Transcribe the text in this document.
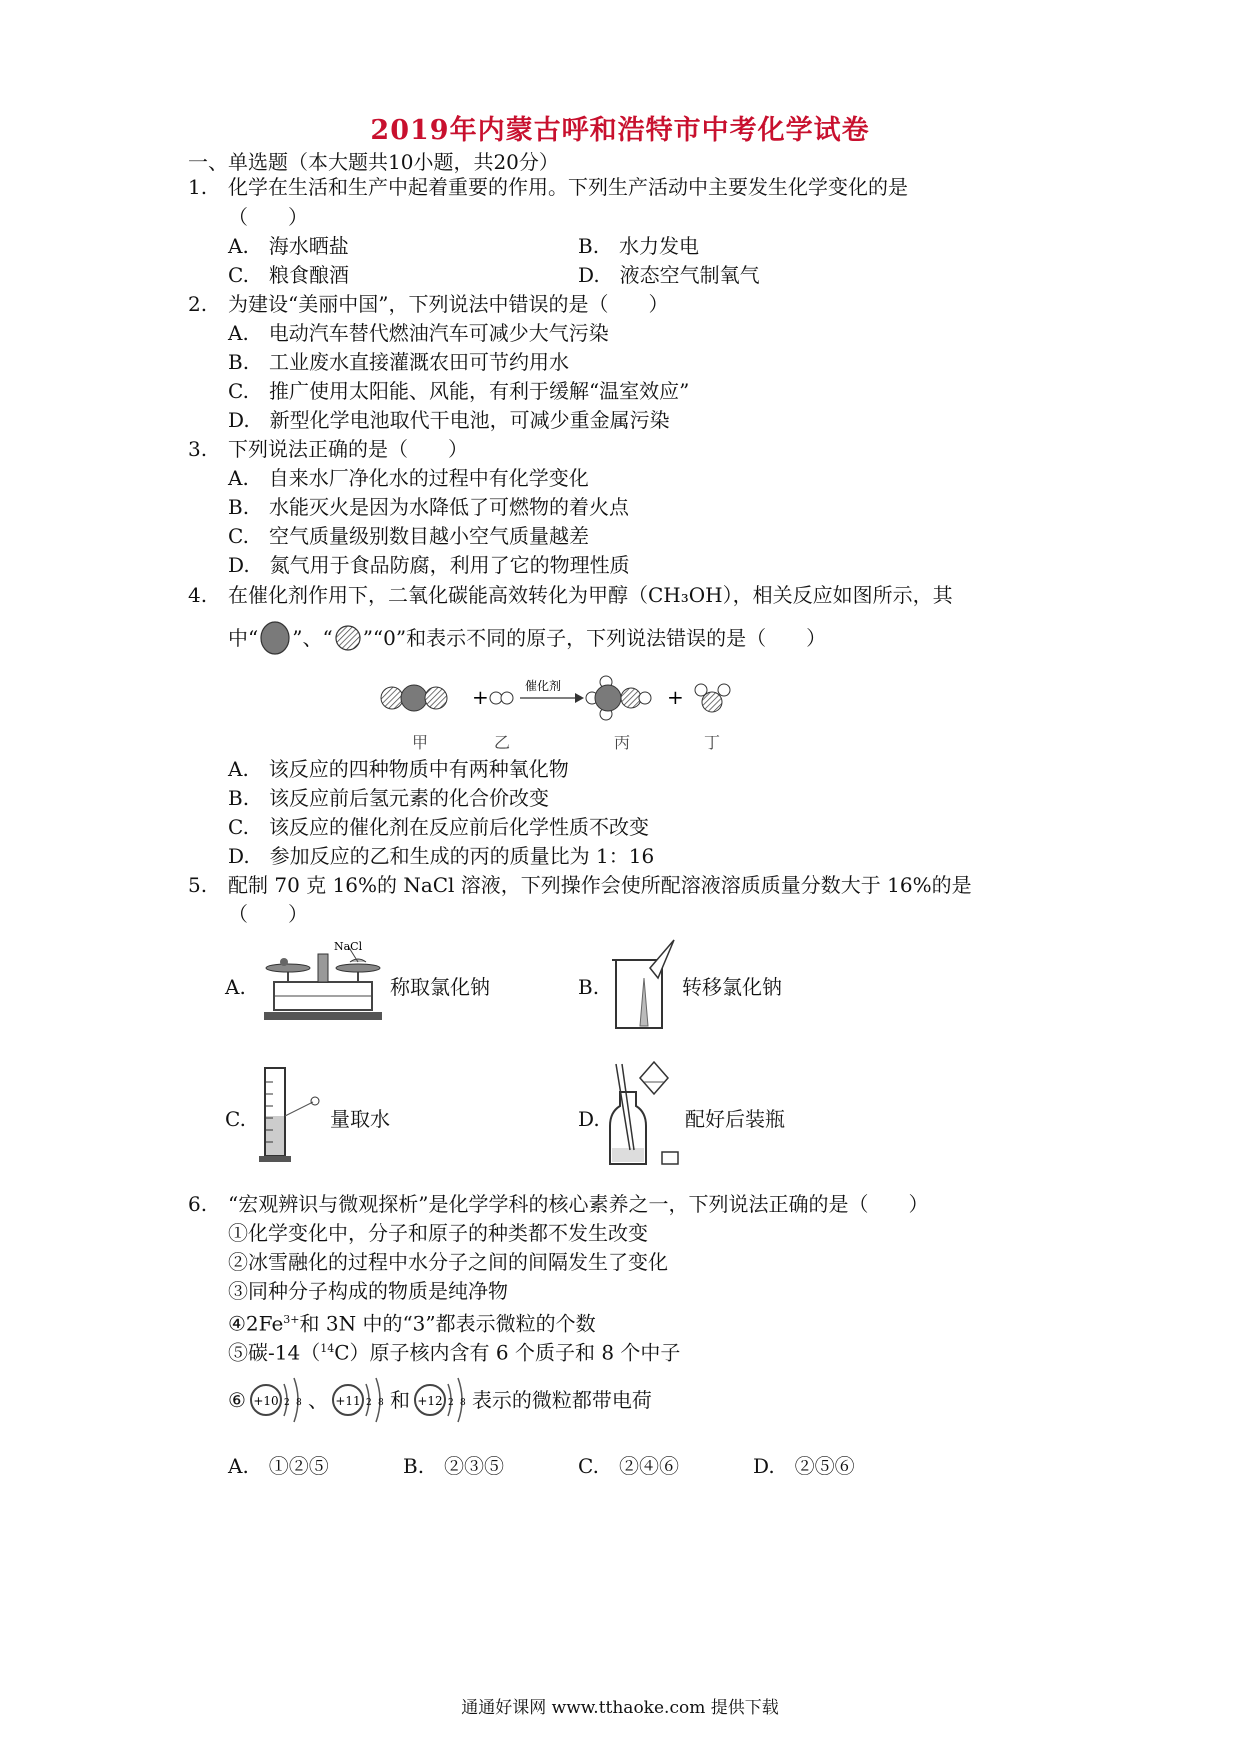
2019年内蒙古呼和浩特市中考化学试卷
一、单选题（本大题共10小题，共20分）
1. 化学在生活和生产中起着重要的作用。下列生产活动中主要发生化学变化的是
（　　）
A.　海水晒盐	B.　水力发电
C.　粮食酿酒	D.　液态空气制氧气
2. 为建设“美丽中国”，下列说法中错误的是（　　）
A.　电动汽车替代燃油汽车可减少大气污染
B.　工业废水直接灌溉农田可节约用水
C.　推广使用太阳能、风能，有利于缓解“温室效应”
D.　新型化学电池取代干电池，可减少重金属污染
3. 下列说法正确的是（　　）
A.　自来水厂净化水的过程中有化学变化
B.　水能灭火是因为水降低了可燃物的着火点
C.　空气质量级别数目越小空气质量越差
D.　氮气用于食品防腐，利用了它的物理性质
4. 在催化剂作用下，二氧化碳能高效转化为甲醇（CH₃OH），相关反应如图所示，其
中“ ”、“ ”“0”和表示不同的原子，下列说法错误的是（　　）
+	催化剂	+
甲	乙	丙	丁
A.　该反应的四种物质中有两种氧化物
B.　该反应前后氢元素的化合价改变
C.　该反应的催化剂在反应前后化学性质不改变
D.　参加反应的乙和生成的丙的质量比为 1：16
5. 配制 70 克 16%的 NaCl 溶液，下列操作会使所配溶液溶质质量分数大于 16%的是
（　　）
A.
NaCl
称取氯化钠	B.	转移氯化钠
C.	量取水	D.	配好后装瓶
6. “宏观辨识与微观探析”是化学学科的核心素养之一，下列说法正确的是（　　）
①化学变化中，分子和原子的种类都不发生改变
②冰雪融化的过程中水分子之间的间隔发生了变化
③同种分子构成的物质是纯净物
$④2Fe^{3+}$和 3N 中的“3”都表示微粒的个数
⑤碳-14（$^{14}$C）原子核内含有 6 个质子和 8 个中子
⑥ +10 2 8 、 +11 2 8 和 +12 2 8 表示的微粒都带电荷
A.　①②⑤	B.　②③⑤	C.　②④⑥	D.　②⑤⑥
通通好课网 www.tthaoke.com 提供下载
